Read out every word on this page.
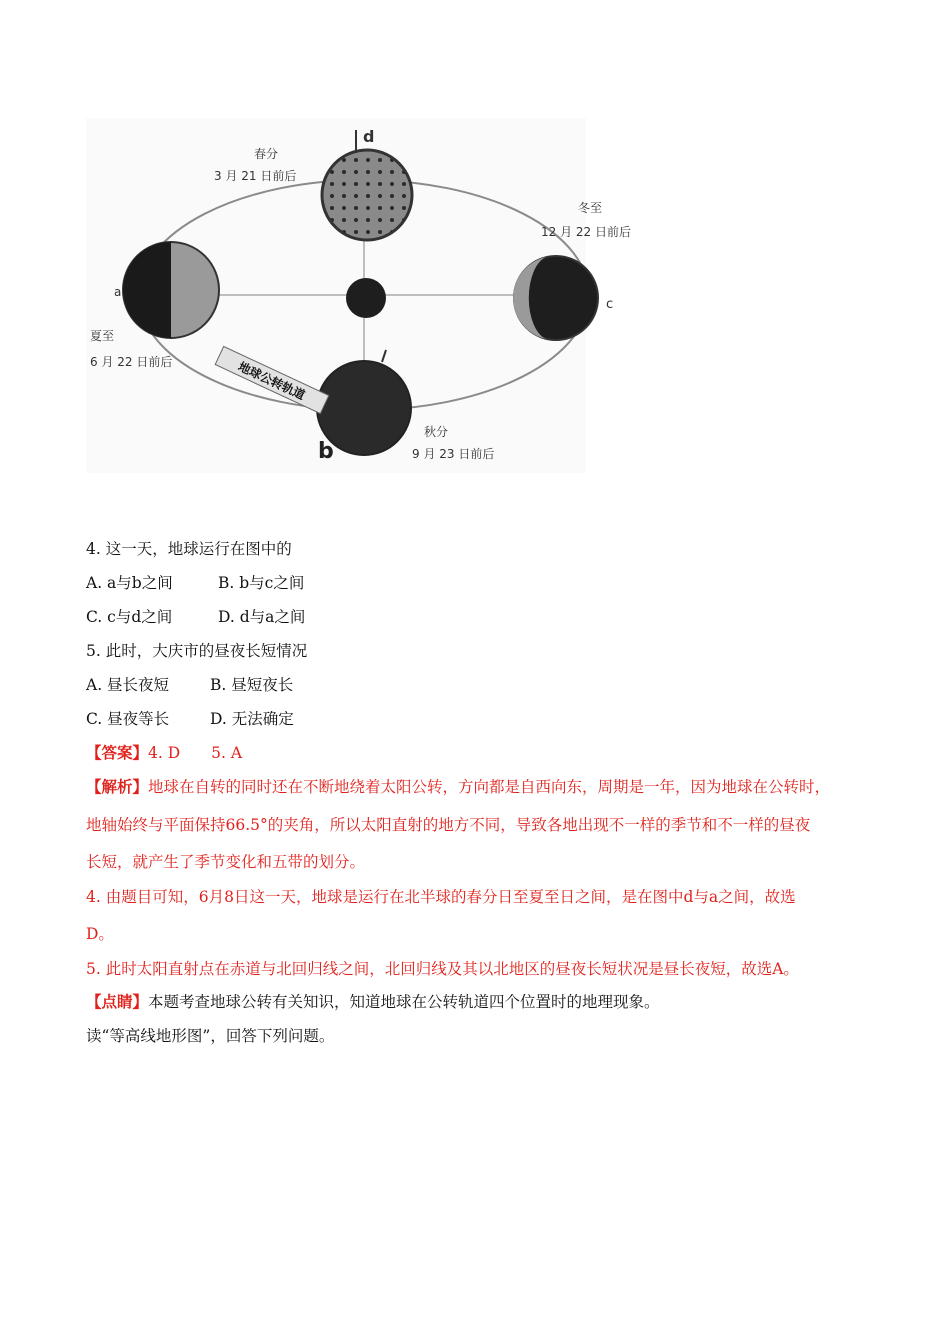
地球公转轨道
春分
3 月 21 日前后
d
冬至
12 月 22 日前后
c
夏至
6 月 22 日前后
a
秋分
9 月 23 日前后
b
4. 这一天，地球运行在图中的
A. a与b之间	B. b与c之间
C. c与d之间	D. d与a之间
5. 此时，大庆市的昼夜长短情况
A. 昼长夜短	B. 昼短夜长
C. 昼夜等长	D. 无法确定
【答案】4. D　　5. A
【解析】地球在自转的同时还在不断地绕着太阳公转，方向都是自西向东，周期是一年，因为地球在公转时，
地轴始终与平面保持66.5°的夹角，所以太阳直射的地方不同，导致各地出现不一样的季节和不一样的昼夜
长短，就产生了季节变化和五带的划分。
4. 由题目可知，6月8日这一天，地球是运行在北半球的春分日至夏至日之间，是在图中d与a之间，故选
D。
5. 此时太阳直射点在赤道与北回归线之间，北回归线及其以北地区的昼夜长短状况是昼长夜短，故选A。
【点睛】本题考查地球公转有关知识，知道地球在公转轨道四个位置时的地理现象。
读“等高线地形图”，回答下列问题。
